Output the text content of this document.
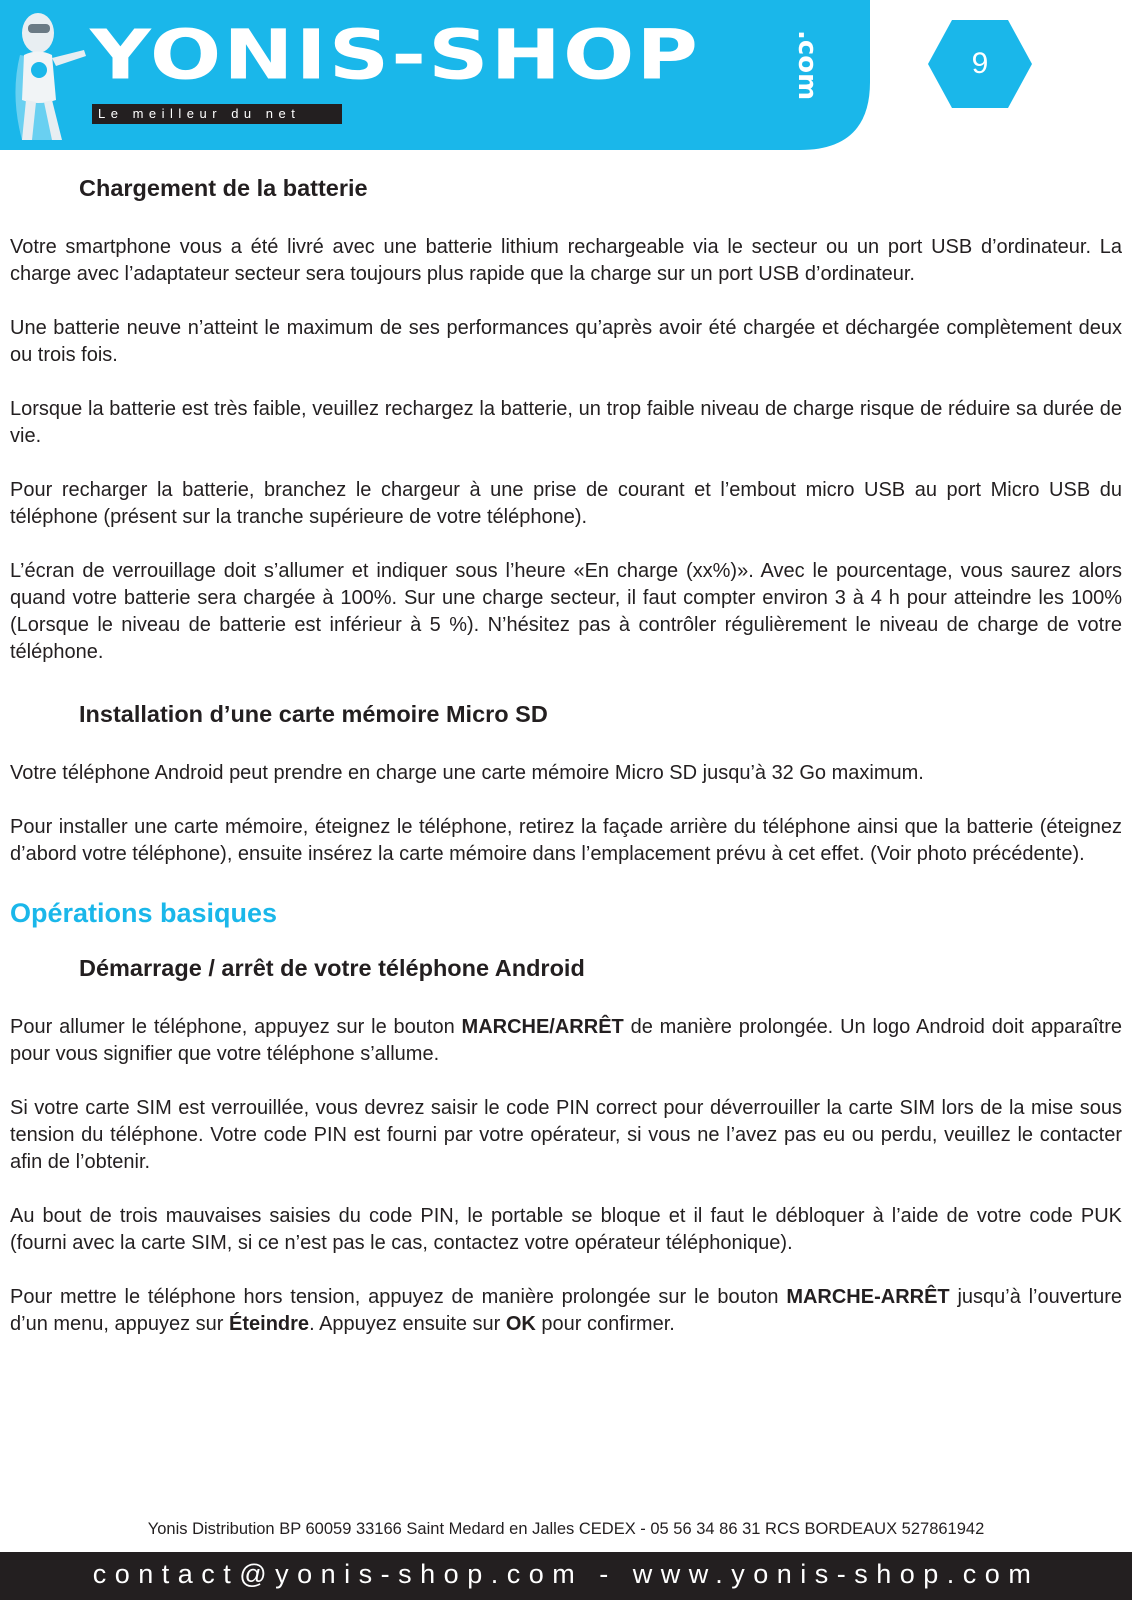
YONIS-SHOP	.com
Le meilleur du net
9
Chargement de la batterie

Votre smartphone vous a été livré avec une batterie lithium rechargeable via le secteur ou un port USB d’ordinateur. La charge avec l’adaptateur secteur sera toujours plus rapide que la charge sur un port USB d’ordinateur.

Une batterie neuve n’atteint le maximum de ses performances qu’après avoir été chargée et déchargée complètement deux ou trois fois.

Lorsque la batterie est très faible, veuillez rechargez la batterie, un trop faible niveau de charge risque de réduire sa durée de vie.

Pour recharger la batterie, branchez le chargeur à une prise de courant et l’embout micro USB au port Micro USB du téléphone (présent sur la tranche supérieure de votre téléphone).

L’écran de verrouillage doit s’allumer et indiquer sous l’heure «En charge (xx%)». Avec le pourcentage, vous saurez alors quand votre batterie sera chargée à 100%. Sur une charge secteur, il faut compter environ 3 à 4 h pour atteindre les 100% (Lorsque le niveau de batterie est inférieur à 5 %). N’hésitez pas à contrôler régulièrement le niveau de charge de votre téléphone.

Installation d’une carte mémoire Micro SD

Votre téléphone Android peut prendre en charge une carte mémoire Micro SD jusqu’à 32 Go maximum.

Pour installer une carte mémoire, éteignez le téléphone, retirez la façade arrière du téléphone ainsi que la batterie (éteignez d’abord votre téléphone), ensuite insérez la carte mémoire dans l’emplacement prévu à cet effet. (Voir photo précédente).

Opérations basiques
Démarrage / arrêt de votre téléphone Android

Pour allumer le téléphone, appuyez sur le bouton MARCHE/ARRÊT de manière prolongée. Un logo Android doit apparaître pour vous signifier que votre téléphone s’allume.

Si votre carte SIM est verrouillée, vous devrez saisir le code PIN correct pour déverrouiller la carte SIM lors de la mise sous tension du téléphone. Votre code PIN est fourni par votre opérateur, si vous ne l’avez pas eu ou perdu, veuillez le contacter afin de l’obtenir.

Au bout de trois mauvaises saisies du code PIN, le portable se bloque et il faut le débloquer à l’aide de votre code PUK (fourni avec la carte SIM, si ce n’est pas le cas, contactez votre opérateur téléphonique).

Pour mettre le téléphone hors tension, appuyez de manière prolongée sur le bouton MARCHE-ARRÊT jusqu’à l’ouverture d’un menu, appuyez sur Éteindre. Appuyez ensuite sur OK pour confirmer.

Yonis Distribution BP 60059 33166 Saint Medard en Jalles CEDEX - 05 56 34 86 31 RCS BORDEAUX 527861942
contact@yonis-shop.com - www.yonis-shop.com
